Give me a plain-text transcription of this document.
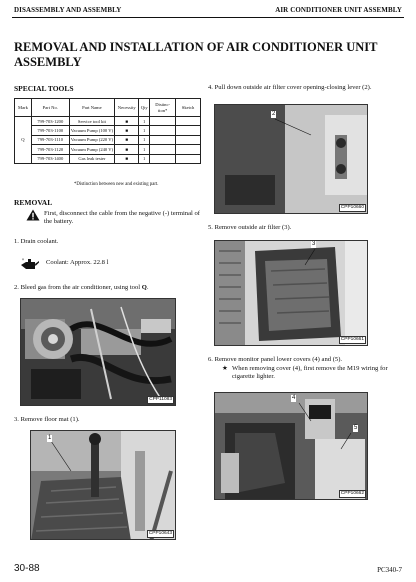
DISASSEMBLY AND ASSEMBLY	AIR CONDITIONER UNIT ASSEMBLY
REMOVAL AND INSTALLATION OF AIR CONDITIONER UNIT ASSEMBLY
SPECIAL TOOLS
Mark	Part No.	Part Name	Necessity	Qty	Distinc-tion*	Sketch
Q	799-703-1200	Service tool kit	■	1		
	799-703-1100	Vacuum Pump (100 V)	■	1		
	799-703-1110	Vacuum Pump (220 V)	■	1		
	799-703-1120	Vacuum Pump (240 V)	■	1		
	799-703-1400	Gas leak tester	■	1		
*Distinction between new and existing part.
REMOVAL
First, disconnect the cable from the negative (-) terminal of the battery.
1. Drain coolant.
Coolant: Approx. 22.8 l
2. Bleed gas from the air conditioner, using tool Q.
CPP11083
3. Remove floor mat (1).
1
CPP10643
4. Pull down outside air filter cover opening-closing lever (2).
2
CPP10660
5. Remove outside air filter (3).
3
CPP10661
6. Remove monitor panel lower covers (4) and (5).
★ When removing cover (4), first remove the M19 wiring for cigarette lighter.
4
5
CPP10662
30-88	PC340-7
